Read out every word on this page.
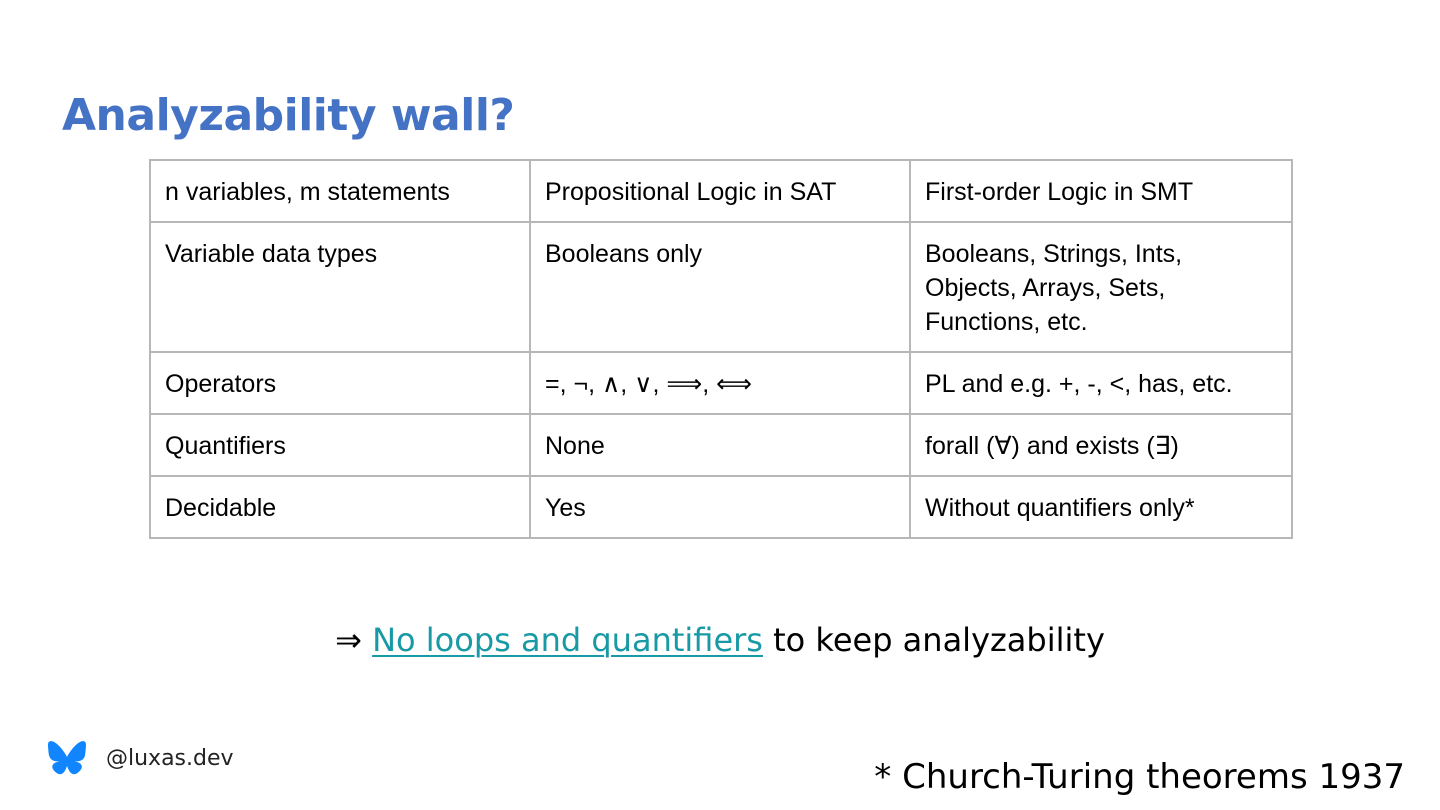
Analyzability wall?
n variables, m statements	Propositional Logic in SAT	First-order Logic in SMT
Variable data types	Booleans only	Booleans, Strings, Ints, Objects, Arrays, Sets, Functions, etc.
Operators	=, ¬, ∧, ∨, ⟹, ⟺	PL and e.g. +, -, <, has, etc.
Quantifiers	None	forall (∀) and exists (∃)
Decidable	Yes	Without quantifiers only*
⇒ No loops and quantifiers to keep analyzability
@luxas.dev	* Church-Turing theorems 1937
